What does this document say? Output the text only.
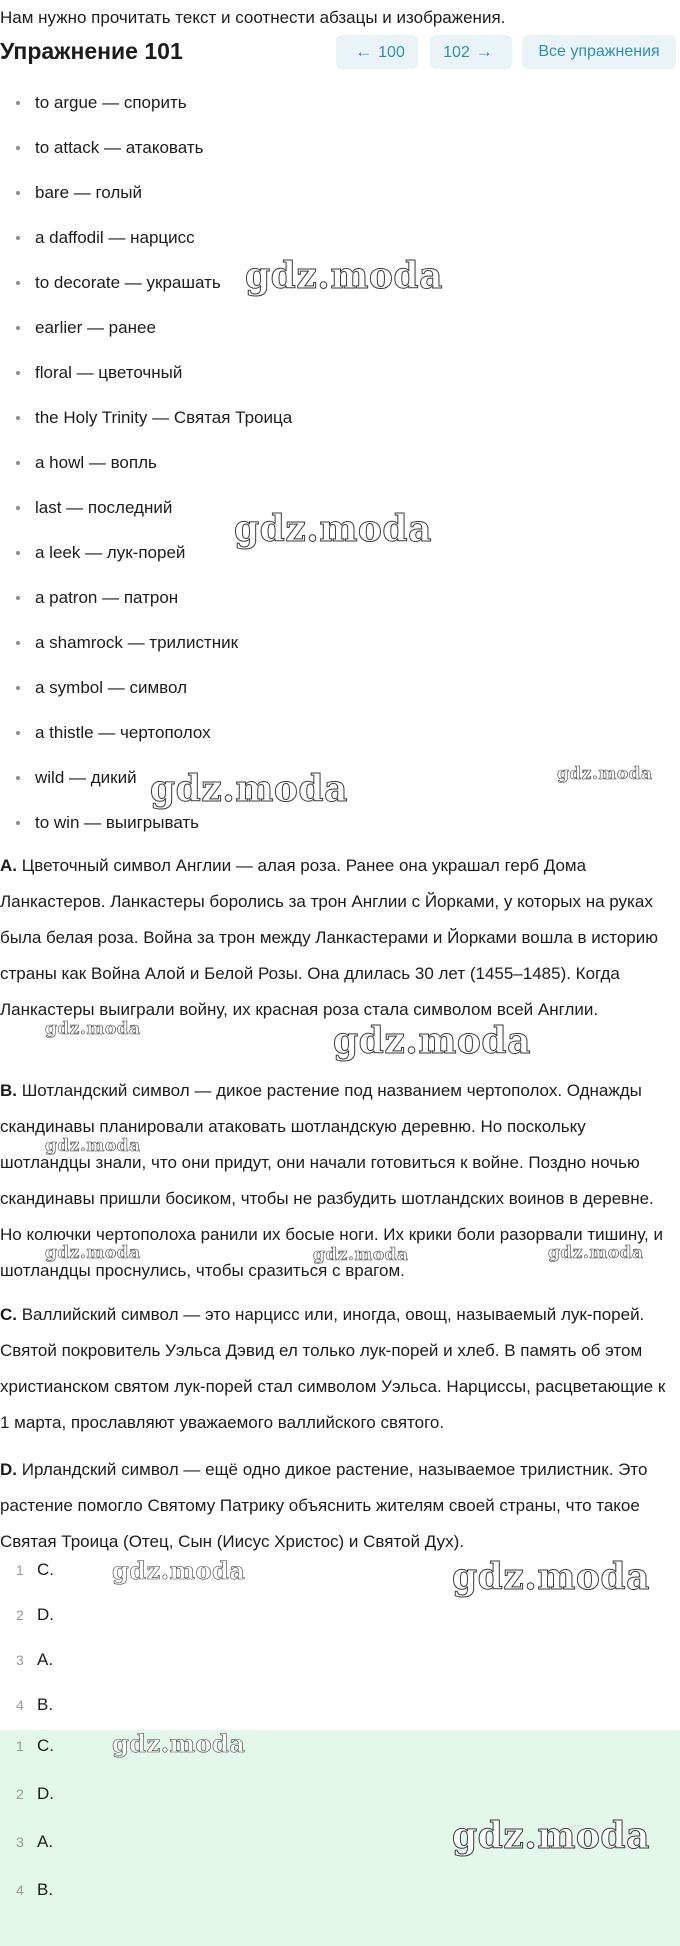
Нам нужно прочитать текст и соотнести абзацы и изображения.
Упражнение 101	← 100	102 →	Все упражнения
to argue — спорить
to attack — атаковать
bare — голый
a daffodil — нарцисс
to decorate — украшать
earlier — ранее
floral — цветочный
the Holy Trinity — Святая Троица
a howl — вопль
last — последний
a leek — лук-порей
a patron — патрон
a shamrock — трилистник
a symbol — символ
a thistle — чертополох
wild — дикий
to win — выигрывать

A. Цветочный символ Англии — алая роза. Ранее она украшал герб Дома Ланкастеров. Ланкастеры боролись за трон Англии с Йорками, у которых на руках была белая роза. Война за трон между Ланкастерами и Йорками вошла в историю страны как Война Алой и Белой Розы. Она длилась 30 лет (1455–1485). Когда Ланкастеры выиграли войну, их красная роза стала символом всей Англии.

B. Шотландский символ — дикое растение под названием чертополох. Однажды скандинавы планировали атаковать шотландскую деревню. Но поскольку шотландцы знали, что они придут, они начали готовиться к войне. Поздно ночью скандинавы пришли босиком, чтобы не разбудить шотландских воинов в деревне. Но колючки чертополоха ранили их босые ноги. Их крики боли разорвали тишину, и шотландцы проснулись, чтобы сразиться с врагом.

C. Валлийский символ — это нарцисс или, иногда, овощ, называемый лук-порей. Святой покровитель Уэльса Дэвид ел только лук-порей и хлеб. В память об этом христианском святом лук-порей стал символом Уэльса. Нарциссы, расцветающие к 1 марта, прославляют уважаемого валлийского святого.

D. Ирландский символ — ещё одно дикое растение, называемое трилистник. Это растение помогло Святому Патрику объяснить жителям своей страны, что такое Святая Троица (Отец, Сын (Иисус Христос) и Святой Дух).

1 C.
2 D.
3 A.
4 B.
1 C.
2 D.
3 A.
4 B.
gdz.moda
gdz.moda
gdz.moda	gdz.moda
gdz.moda
gdz.moda
gdz.moda
gdz.moda	gdz.moda	gdz.moda
gdz.moda	gdz.moda
gdz.moda
gdz.moda
